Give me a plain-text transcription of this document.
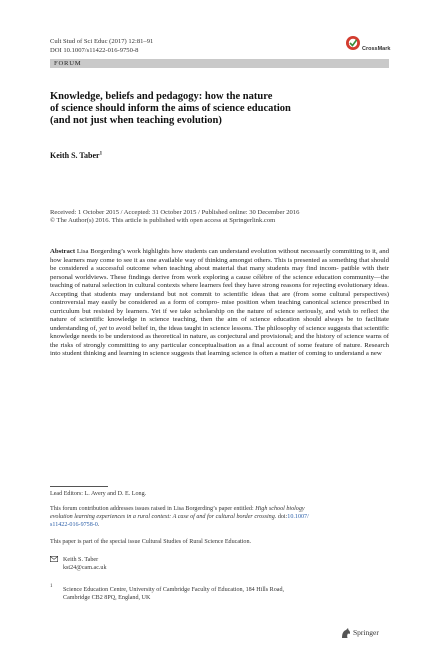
Cult Stud of Sci Educ (2017) 12:81–91
DOI 10.1007/s11422-016-9750-8	CrossMark
FORUM
Knowledge, beliefs and pedagogy: how the nature
of science should inform the aims of science education
(and not just when teaching evolution)
Keith S. Taber$^1$
Received: 1 October 2015 / Accepted: 31 October 2015 / Published online: 30 December 2016
© The Author(s) 2016. This article is published with open access at Springerlink.com

Abstract Lisa Borgerding’s work highlights how students can understand evolution without necessarily committing to it, and how learners may come to see it as one available way of thinking amongst others. This is presented as something that should be considered a successful outcome when teaching about material that many students may find incom- patible with their personal worldviews. These findings derive from work exploring a cause célèbre of the science education community—the teaching of natural selection in cultural contexts where learners feel they have strong reasons for rejecting evolutionary ideas. Accepting that students may understand but not commit to scientific ideas that are (from some cultural perspectives) controversial may easily be considered as a form of compro- mise position when teaching canonical science prescribed in curriculum but resisted by learners. Yet if we take scholarship on the nature of science seriously, and wish to reflect the nature of scientific knowledge in science teaching, then the aim of science education should always be to facilitate understanding of, yet to avoid belief in, the ideas taught in science lessons. The philosophy of science suggests that scientific knowledge needs to be understood as theoretical in nature, as conjectural and provisional; and the history of science warns of the risks of strongly committing to any particular conceptualisation as a final account of some feature of nature. Research into student thinking and learning in science suggests that learning science is often a matter of coming to understand a new

Lead Editors: L. Avery and D. E. Long.
This forum contribution addresses issues raised in Lisa Borgerding’s paper entitled: High school biology
evolution learning experiences in a rural context: A case of and for cultural border crossing. doi:10.1007/
s11422-016-9758-0.
This paper is part of the special issue Cultural Studies of Rural Science Education.
Keith S. Taber
kst24@cam.ac.uk
1
Science Education Centre, University of Cambridge Faculty of Education, 184 Hills Road,
Cambridge CB2 8PQ, England, UK
Springer
